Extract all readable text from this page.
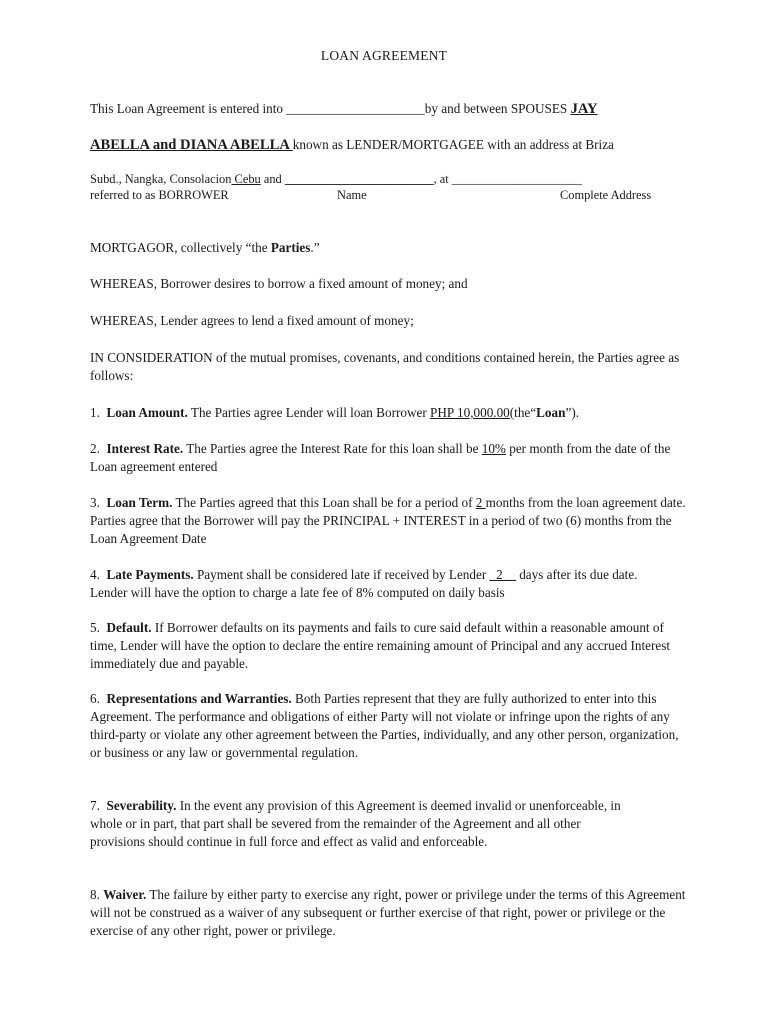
LOAN AGREEMENT
This Loan Agreement is entered into _____________________by and between SPOUSES JAY
ABELLA and DIANA ABELLA known as LENDER/MORTGAGEE with an address at Briza
Subd., Nangka, Consolacion Cebu and ________________________, at _____________________
referred to as BORROWER	Name	Complete Address
MORTGAGOR, collectively “the Parties.”
WHEREAS, Borrower desires to borrow a fixed amount of money; and
WHEREAS, Lender agrees to lend a fixed amount of money;
IN CONSIDERATION of the mutual promises, covenants, and conditions contained herein, the Parties agree as follows:
1. Loan Amount. The Parties agree Lender will loan Borrower PHP 10,000.00(the“Loan”).
2. Interest Rate. The Parties agree the Interest Rate for this loan shall be 10% per month from the date of the Loan agreement entered
3. Loan Term. The Parties agreed that this Loan shall be for a period of 2 months from the loan agreement date. Parties agree that the Borrower will pay the PRINCIPAL + INTEREST in a period of two (6) months from the Loan Agreement Date
4. Late Payments. Payment shall be considered late if received by Lender _2__ days after its due date. Lender will have the option to charge a late fee of 8% computed on daily basis
5. Default. If Borrower defaults on its payments and fails to cure said default within a reasonable amount of time, Lender will have the option to declare the entire remaining amount of Principal and any accrued Interest immediately due and payable.
6. Representations and Warranties. Both Parties represent that they are fully authorized to enter into this Agreement. The performance and obligations of either Party will not violate or infringe upon the rights of any third-party or violate any other agreement between the Parties, individually, and any other person, organization, or business or any law or governmental regulation.
7. Severability. In the event any provision of this Agreement is deemed invalid or unenforceable, in whole or in part, that part shall be severed from the remainder of the Agreement and all other provisions should continue in full force and effect as valid and enforceable.
8. Waiver. The failure by either party to exercise any right, power or privilege under the terms of this Agreement will not be construed as a waiver of any subsequent or further exercise of that right, power or privilege or the exercise of any other right, power or privilege.
